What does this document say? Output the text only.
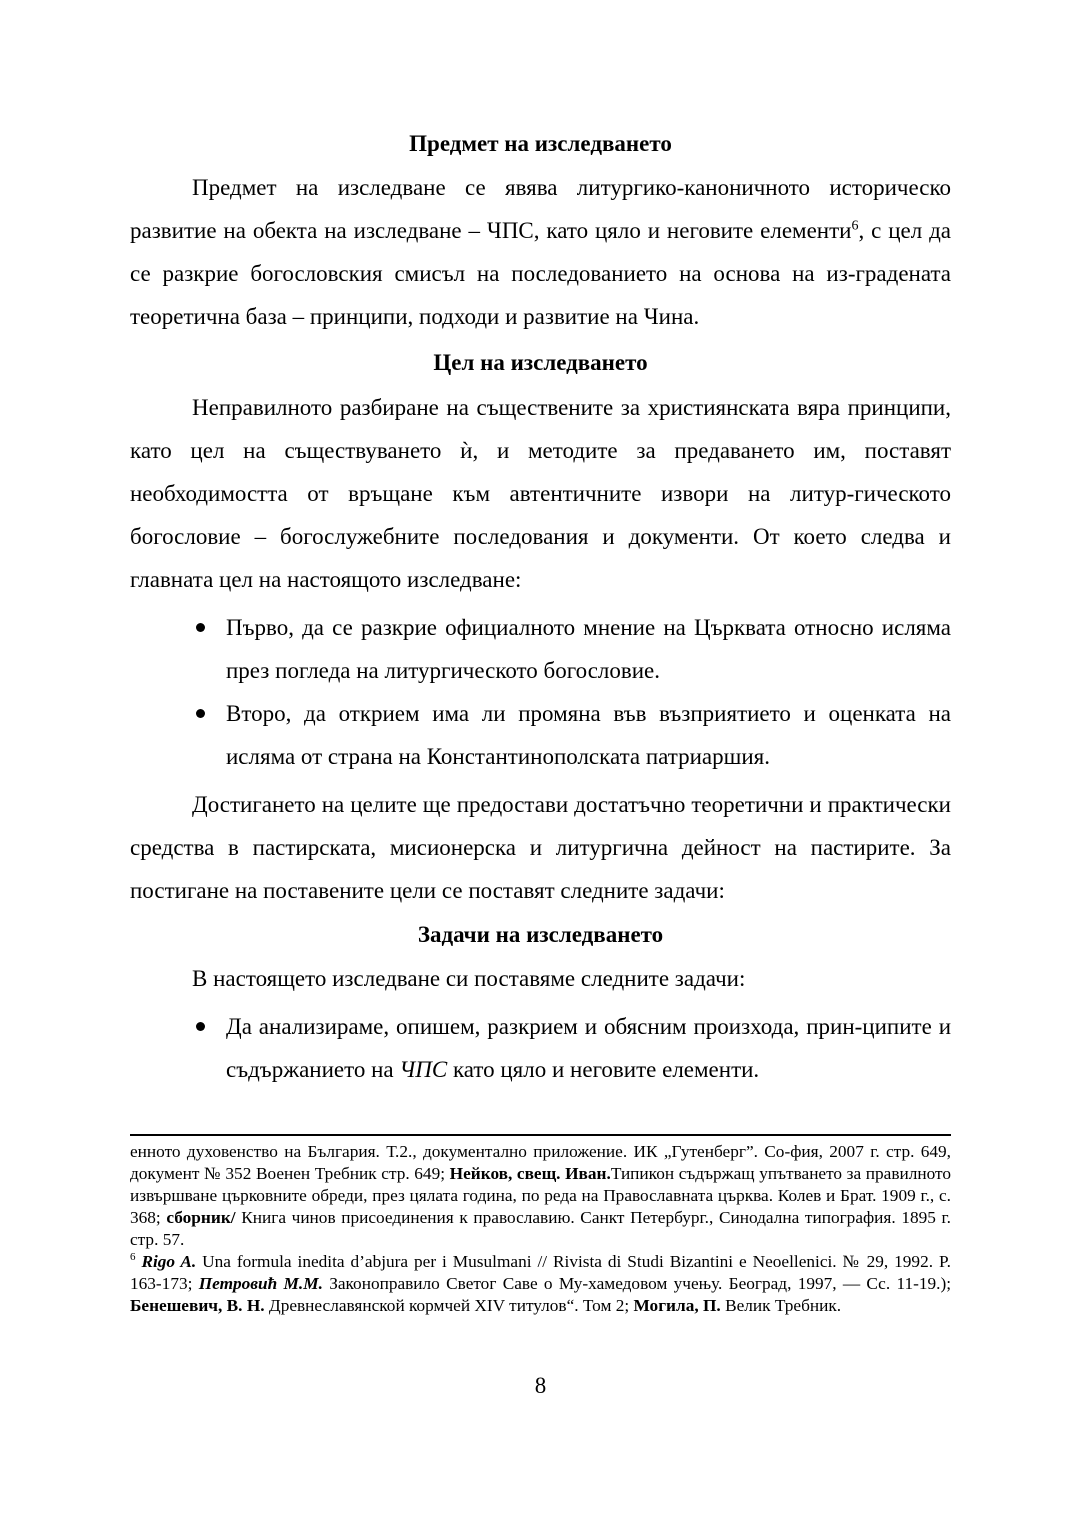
Предмет на изследването

Предмет на изследване се явява литургико-каноничното историческо развитие на обекта на изследване – ЧПС, като цяло и неговите елементи$^6$, с цел да се разкрие богословския смисъл на последованието на основа на из-градената теоретична база – принципи, подходи и развитие на Чина.

Цел на изследването

Неправилното разбиране на съществените за християнската вяра принципи, като цел на съществуването ѝ, и методите за предаването им, поставят необходимостта от връщане към автентичните извори на литур-гическото богословие – богослужебните последования и документи. От което следва и главната цел на настоящото изследване:

Първо, да се разкрие официалното мнение на Църквата относно исляма през погледа на литургическото богословие.
Второ, да открием има ли промяна във възприятието и оценката на исляма от страна на Константинополската патриаршия.

Достигането на целите ще предостави достатъчно теоретични и практически средства в пастирската, мисионерска и литургична дейност на пастирите. За постигане на поставените цели се поставят следните задачи:

Задачи на изследването

В настоящето изследване си поставяме следните задачи:

Да анализираме, опишем, разкрием и обясним произхода, прин-ципите и съдържанието на ЧПС като цяло и неговите елементи.

енното духовенство на България. Т.2., документално приложение. ИК „Гутенберг”. Со-фия, 2007 г. стр. 649, документ № 352 Военен Требник стр. 649; Нейков, свещ. Иван.Типикон съдържащ упътването за правилното извършване църковните обреди, през цялата година, по реда на Православната църква. Колев и Брат. 1909 г., с. 368; сборник/ Книга чинов присоединения к православию. Санкт Петербург., Синодална типография. 1895 г. стр. 57.

$^6$ Rigo A. Una formula inedita d’abjura per i Musulmani // Rivista di Studi Bizantini e Neoellenici. № 29, 1992. P. 163-173; Петровић М.М. Законоправило Светог Саве о Му-хамедовом учењу. Београд, 1997, — Сс. 11-19.); Бенешевич, В. Н. Древнеславянской кормчей XIV титулов“. Том 2; Могила, П. Велик Требник.

8
